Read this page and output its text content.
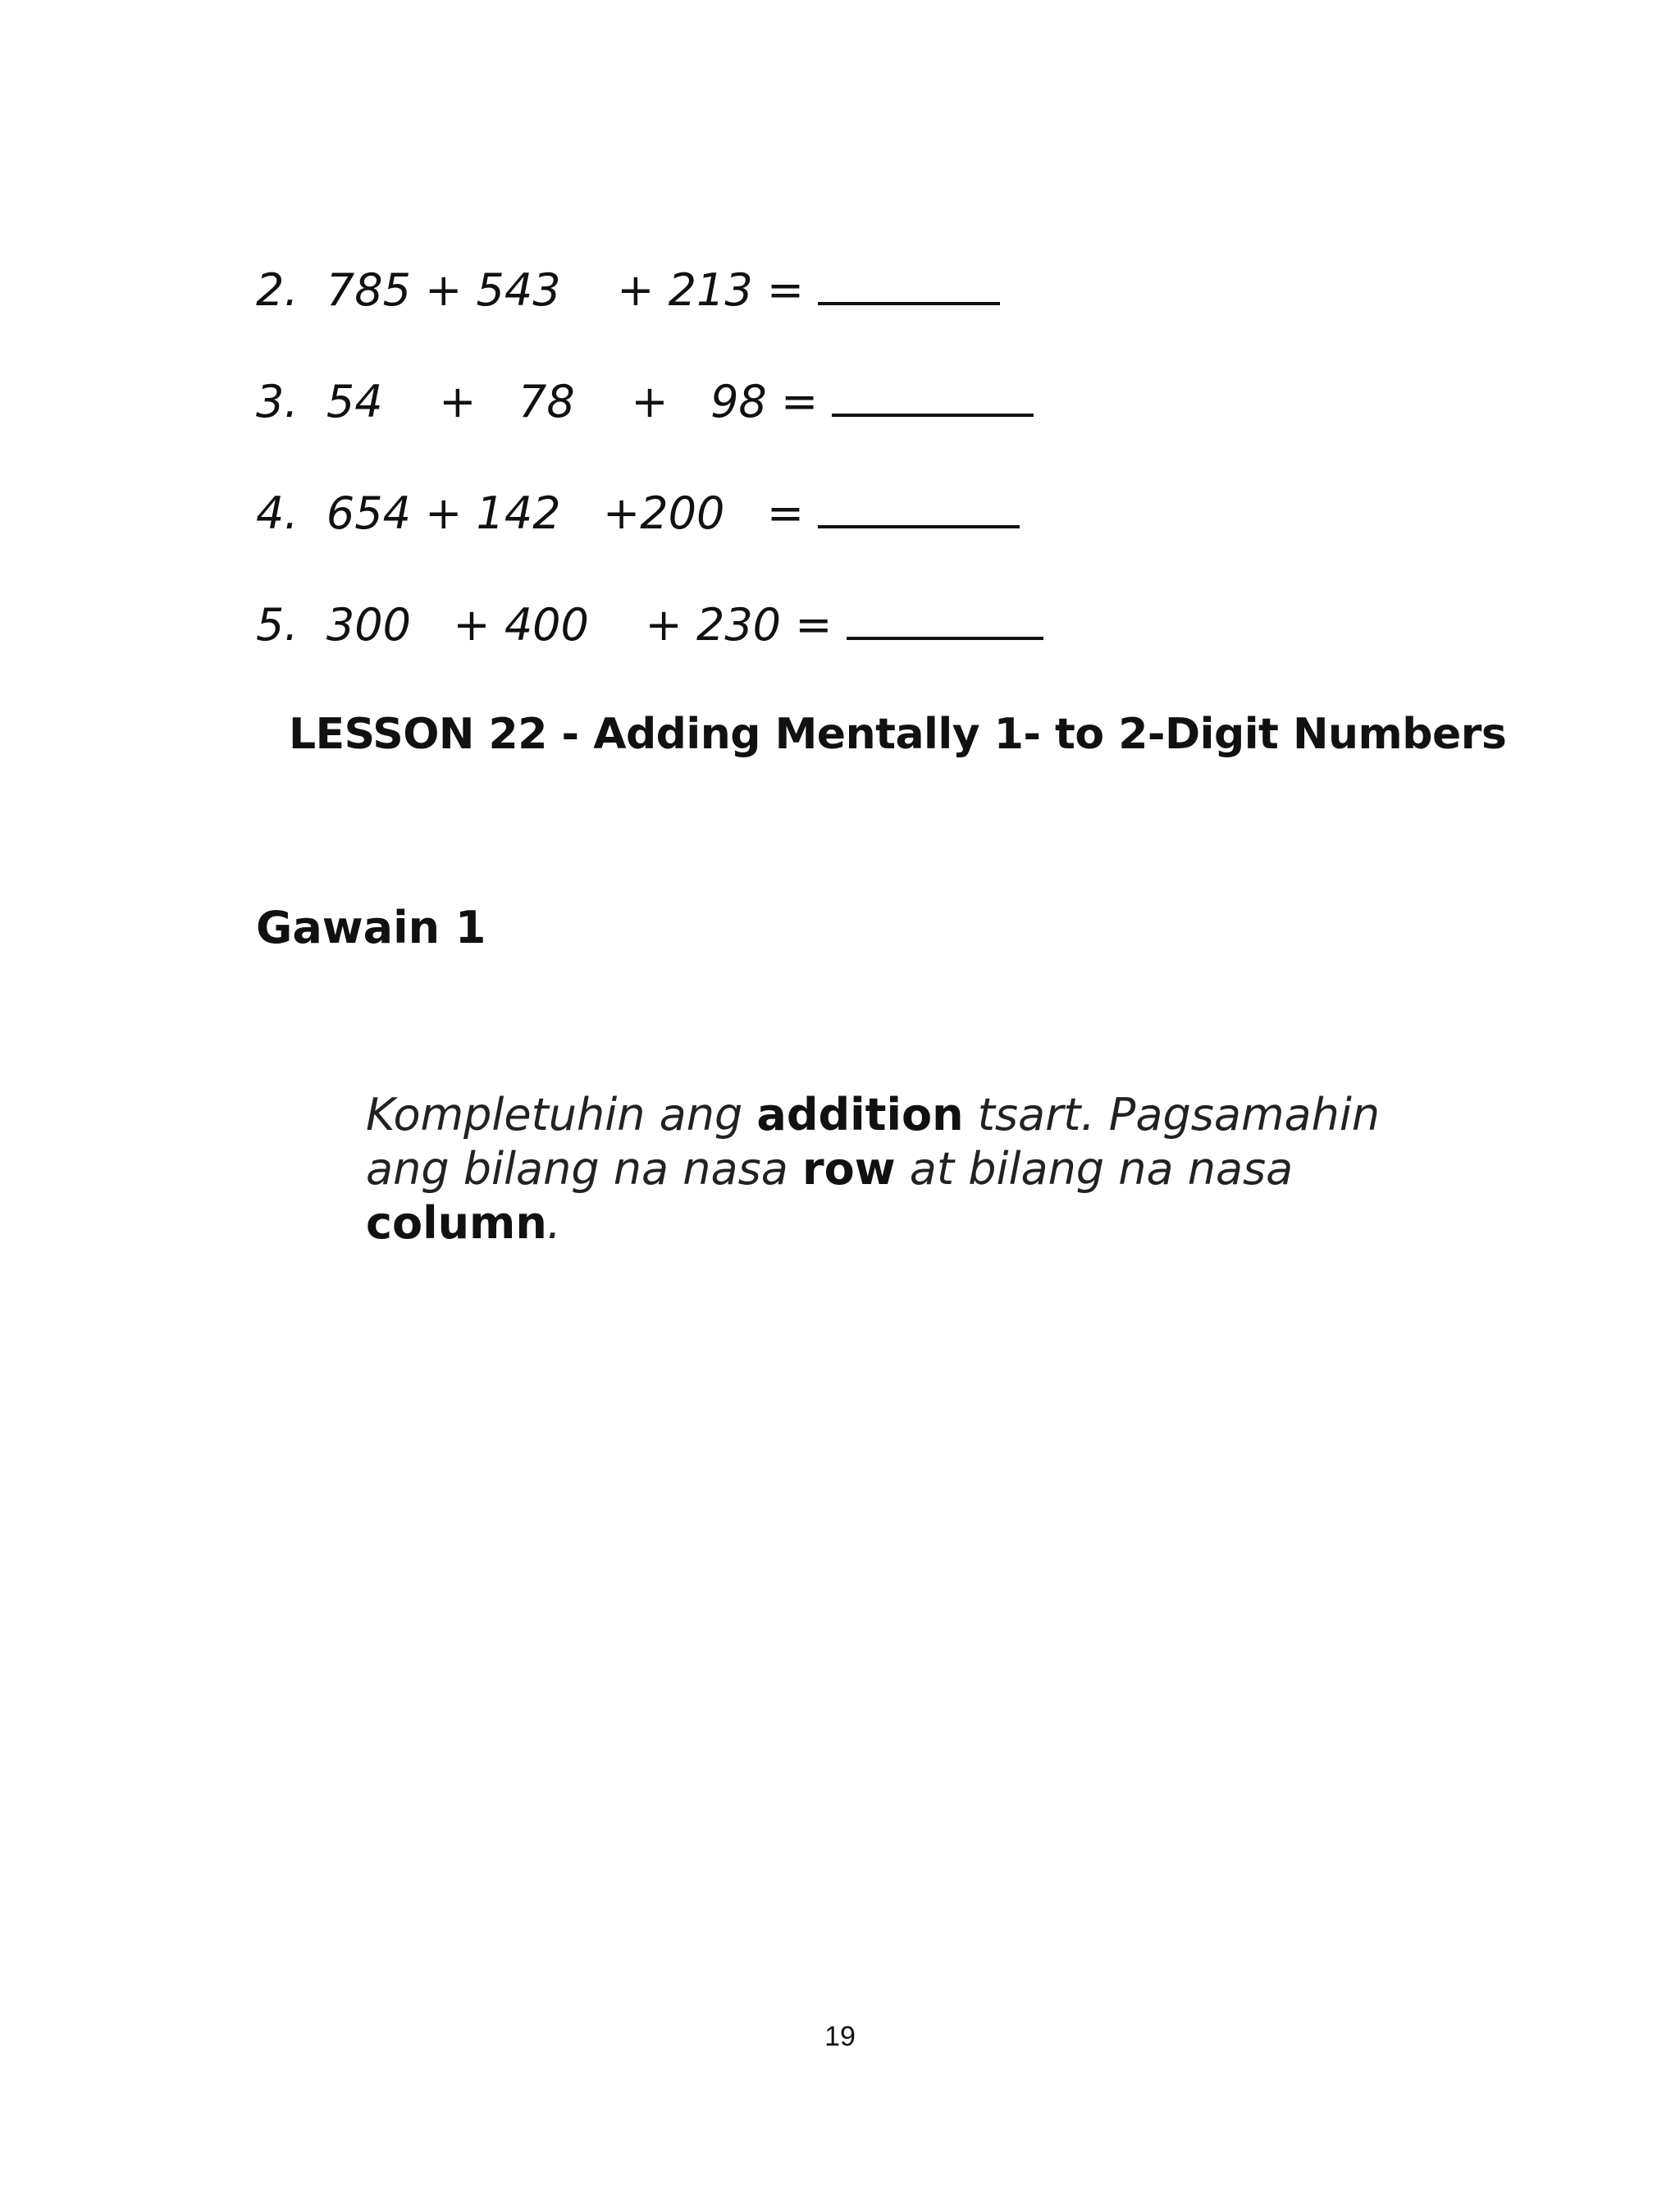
2.  785 + 543    + 213 =
3.  54    +   78    +   98 =
4.  654 + 142   +200   =
5.  300   + 400    + 230 =
LESSON 22 - Adding Mentally 1- to 2-Digit Numbers
Gawain 1
Kompletuhin ang addition tsart. Pagsamahin ang bilang na nasa row at bilang na nasa column.
19
